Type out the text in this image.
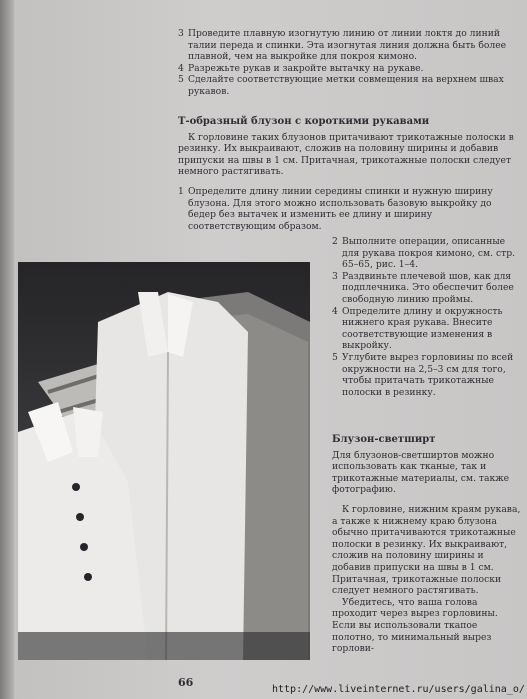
3 Проведите плавную изогнутую линию от линии локтя до линий талии переда и спинки. Эта изогнутая линия должна быть более плавной, чем на выкройке для покроя кимоно.

4 Разрежьте рукав и закройте вытачку на рукаве.

5 Сделайте соответствующие метки совмещения на верхнем швах рукавов.

Т-образный блузон с короткими рукавами

К горловине таких блузонов притачивают трикотажные полоски в резинку. Их выкраивают, сложив на половину ширины и добавив припуски на швы в 1 см. Притачная, трикотажные полоски следует немного растягивать.

1 Определите длину линии середины спинки и нужную ширину блузона. Для этого можно использовать базовую выкройку до бедер без вытачек и изменить ее длину и ширину соответствующим образом.

2 Выполните операции, описанные для рукава покроя кимоно, см. стр. 65–65, рис. 1–4.

3 Раздвиньте плечевой шов, как для подплечника. Это обеспечит более свободную линию проймы.

4 Определите длину и окружность нижнего края рукава. Внесите соответствующие изменения в выкройку.

5 Углубите вырез горловины по всей окружности на 2,5–3 см для того, чтобы притачать трикотажные полоски в резинку.

Блузон-светширт

Для блузонов-светширтов можно использовать как тканые, так и трикотажные материалы, см. также фотографию.

К горловине, нижним краям рукава, а также к нижнему краю блузона обычно притачиваются трикотажные полоски в резинку. Их выкраивают, сложив на половину ширины и добавив припуски на швы в 1 см. Притачная, трикотажные полоски следует немного растягивать.

Убедитесь, что ваша голова проходит через вырез горловины. Если вы использовали ткапое полотно, то минимальный вырез горлови-

66
http://www.liveinternet.ru/users/galina_o/
